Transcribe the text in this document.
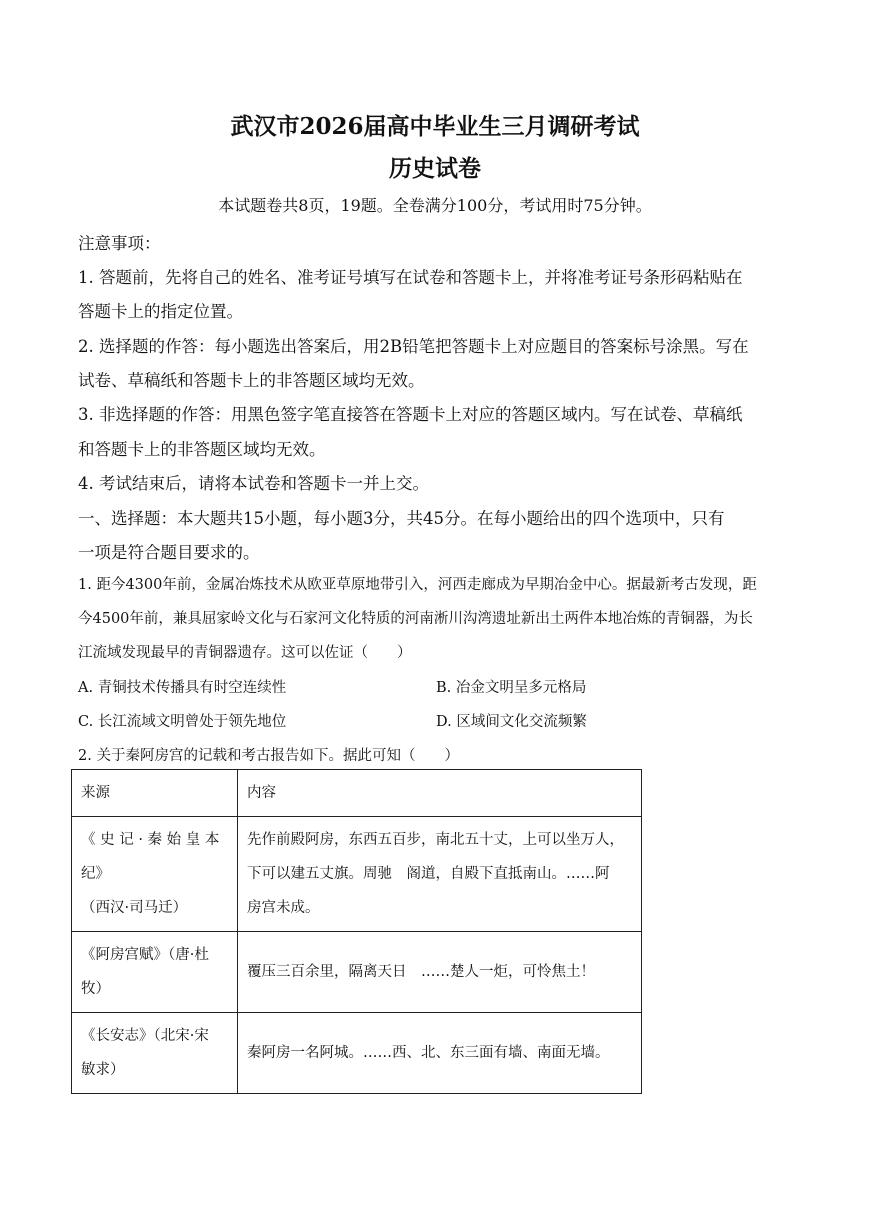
武汉市2026届高中毕业生三月调研考试
历史试卷
本试题卷共8页，19题。全卷满分100分，考试用时75分钟。
注意事项：
1. 答题前，先将自己的姓名、准考证号填写在试卷和答题卡上，并将准考证号条形码粘贴在
答题卡上的指定位置。
2. 选择题的作答：每小题选出答案后，用2B铅笔把答题卡上对应题目的答案标号涂黑。写在
试卷、草稿纸和答题卡上的非答题区域均无效。
3. 非选择题的作答：用黑色签字笔直接答在答题卡上对应的答题区域内。写在试卷、草稿纸
和答题卡上的非答题区域均无效。
4. 考试结束后，请将本试卷和答题卡一并上交。
一、选择题：本大题共15小题，每小题3分，共45分。在每小题给出的四个选项中，只有
一项是符合题目要求的。
1. 距今4300年前，金属冶炼技术从欧亚草原地带引入，河西走廊成为早期冶金中心。据最新考古发现，距
今4500年前，兼具屈家岭文化与石家河文化特质的河南淅川沟湾遗址新出土两件本地冶炼的青铜器，为长
江流域发现最早的青铜器遗存。这可以佐证（　　）
A. 青铜技术传播具有时空连续性	B. 冶金文明呈多元格局
C. 长江流域文明曾处于领先地位	D. 区域间文化交流频繁
2. 关于秦阿房宫的记载和考古报告如下。据此可知（　　）
来源	内容

《 史 记 · 秦 始 皇 本
纪》
（西汉·司马迁）	先作前殿阿房，东西五百步，南北五十丈，上可以坐万人，
下可以建五丈旗。周驰　阁道，自殿下直抵南山。……阿
房宫未成。

《阿房宫赋》（唐·杜
牧）	覆压三百余里，隔离天日　……楚人一炬，可怜焦土！

《长安志》（北宋·宋
敏求）	秦阿房一名阿城。……西、北、东三面有墙、南面无墙。
